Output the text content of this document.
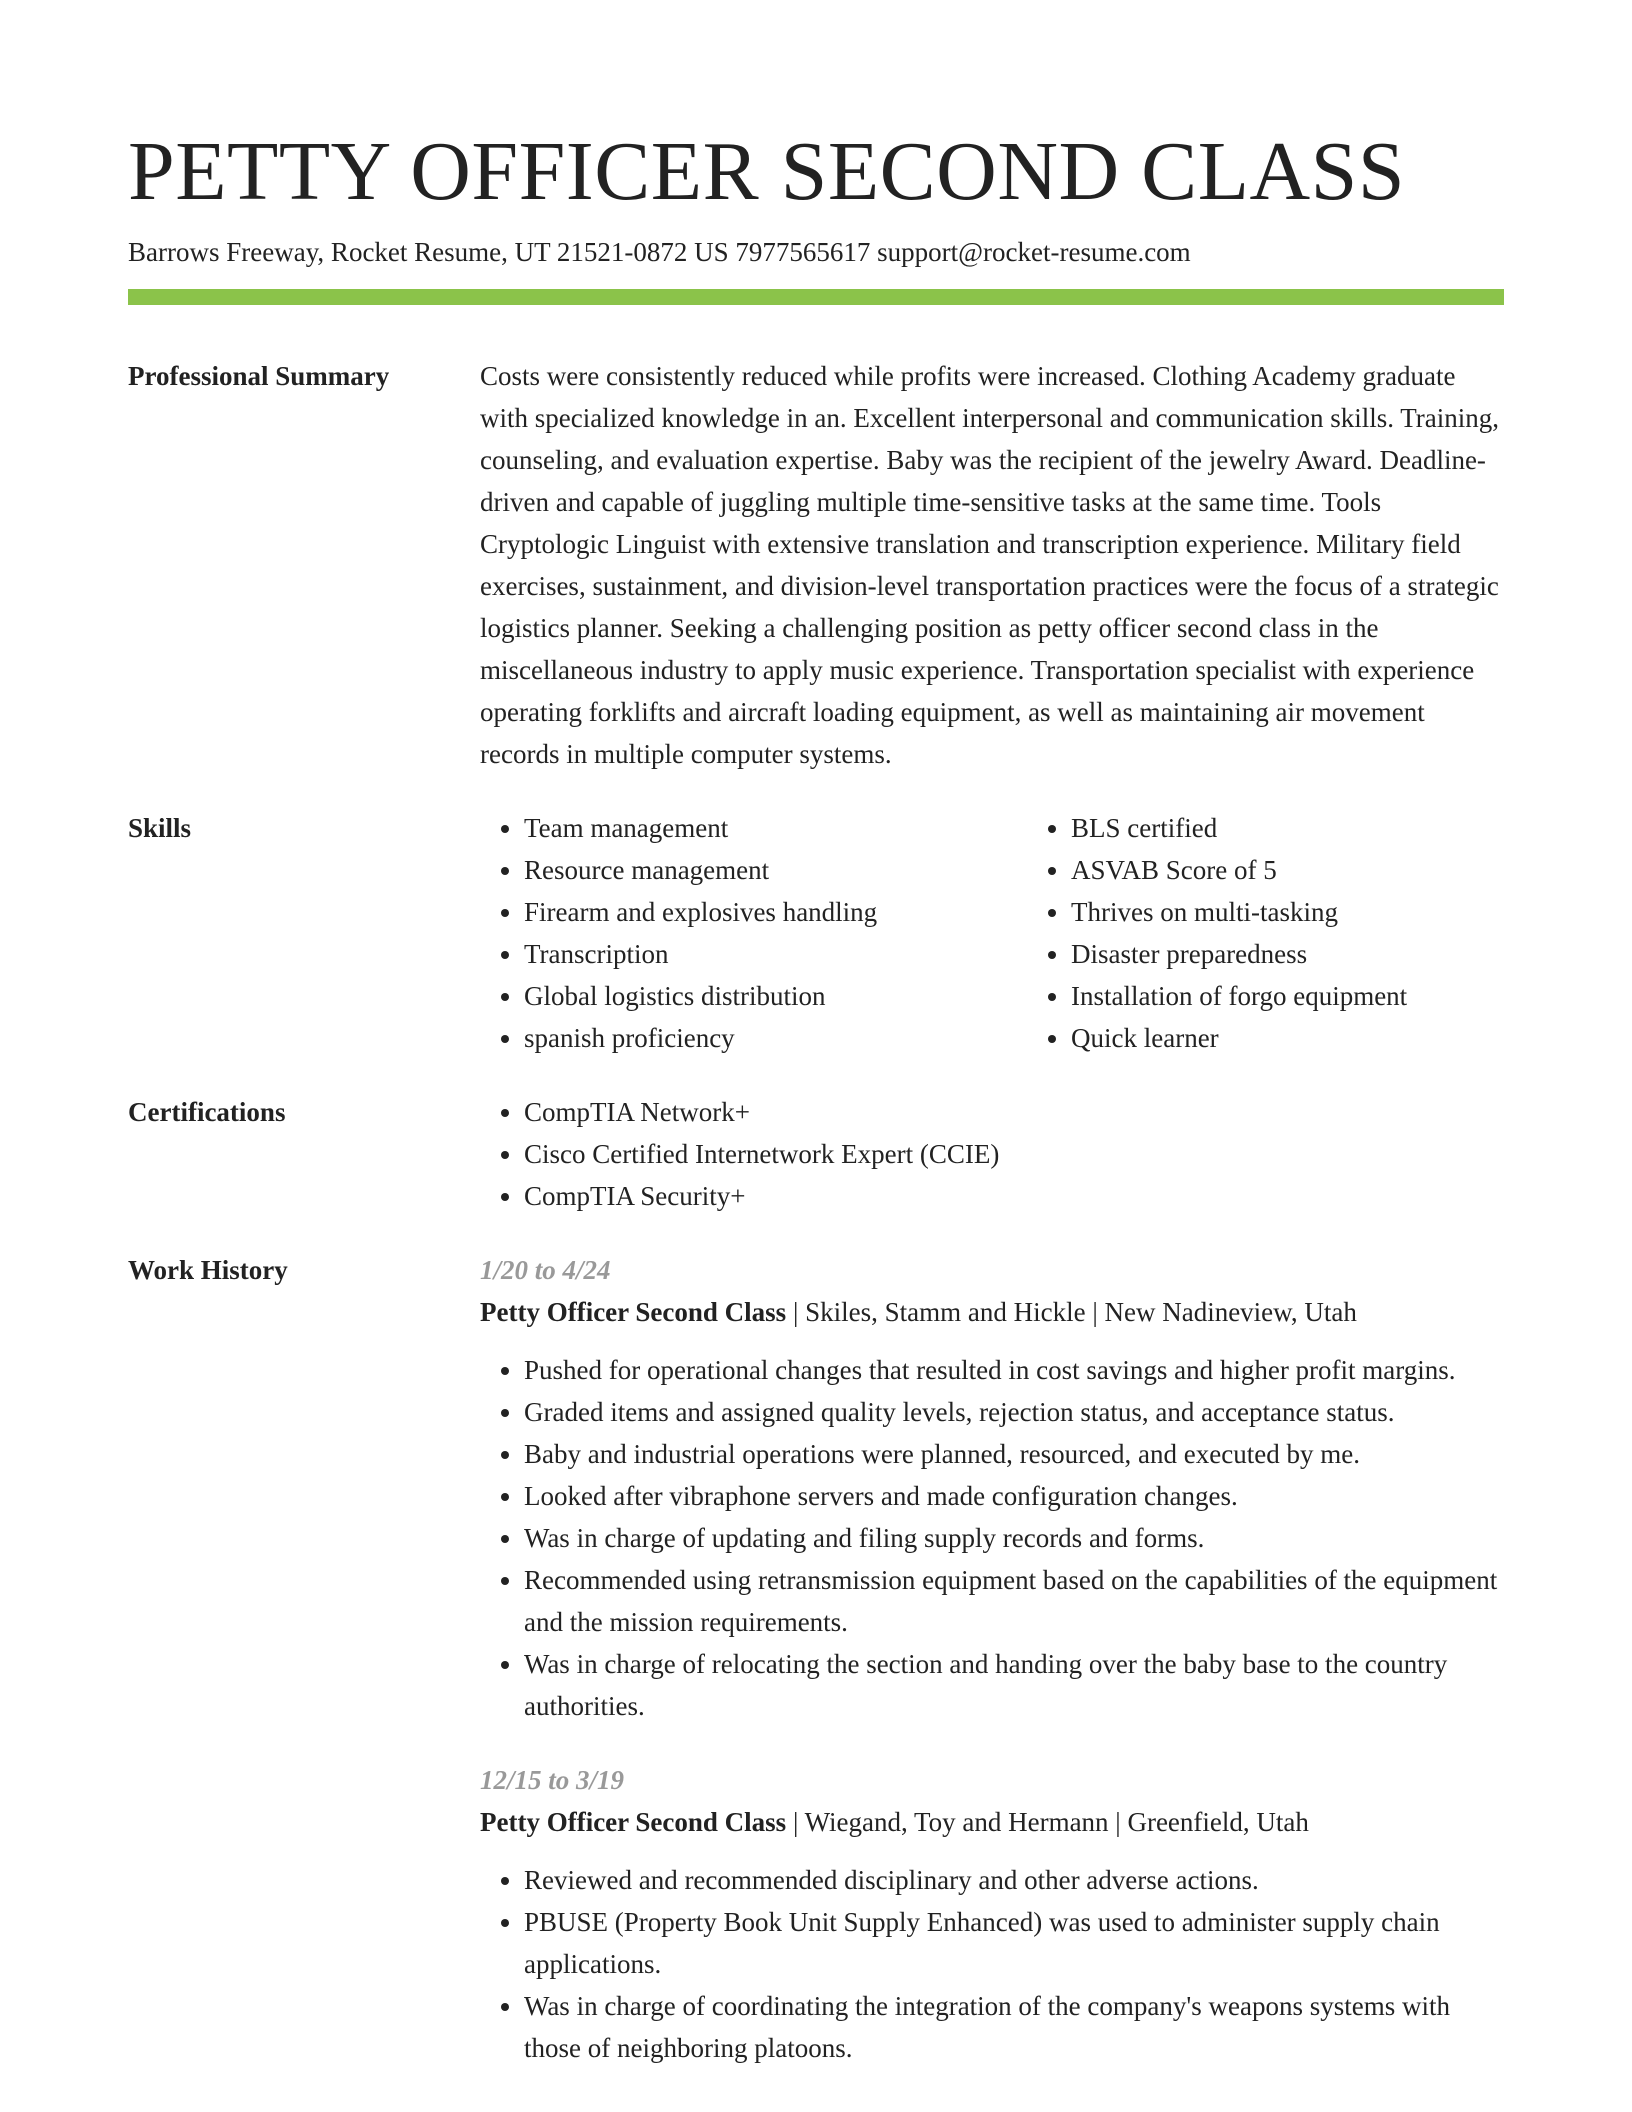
PETTY OFFICER SECOND CLASS
Barrows Freeway, Rocket Resume, UT 21521-0872 US 7977565617 support@rocket-resume.com
Professional Summary	Costs were consistently reduced while profits were increased. Clothing Academy graduate with specialized knowledge in an. Excellent interpersonal and communication skills. Training, counseling, and evaluation expertise. Baby was the recipient of the jewelry Award. Deadline-driven and capable of juggling multiple time-sensitive tasks at the same time. Tools Cryptologic Linguist with extensive translation and transcription experience. Military field exercises, sustainment, and division-level transportation practices were the focus of a strategic logistics planner. Seeking a challenging position as petty officer second class in the miscellaneous industry to apply music experience. Transportation specialist with experience operating forklifts and aircraft loading equipment, as well as maintaining air movement records in multiple computer systems.
Skills	• Team management
• Resource management
• Firearm and explosives handling
• Transcription
• Global logistics distribution
• spanish proficiency
• BLS certified
• ASVAB Score of 5
• Thrives on multi-tasking
• Disaster preparedness
• Installation of forgo equipment
• Quick learner
Certifications	• CompTIA Network+
• Cisco Certified Internetwork Expert (CCIE)
• CompTIA Security+
Work History	1/20 to 4/24
Petty Officer Second Class | Skiles, Stamm and Hickle | New Nadineview, Utah
• Pushed for operational changes that resulted in cost savings and higher profit margins.
• Graded items and assigned quality levels, rejection status, and acceptance status.
• Baby and industrial operations were planned, resourced, and executed by me.
• Looked after vibraphone servers and made configuration changes.
• Was in charge of updating and filing supply records and forms.
• Recommended using retransmission equipment based on the capabilities of the equipment and the mission requirements.
• Was in charge of relocating the section and handing over the baby base to the country authorities.
12/15 to 3/19
Petty Officer Second Class | Wiegand, Toy and Hermann | Greenfield, Utah
• Reviewed and recommended disciplinary and other adverse actions.
• PBUSE (Property Book Unit Supply Enhanced) was used to administer supply chain applications.
• Was in charge of coordinating the integration of the company's weapons systems with those of neighboring platoons.
